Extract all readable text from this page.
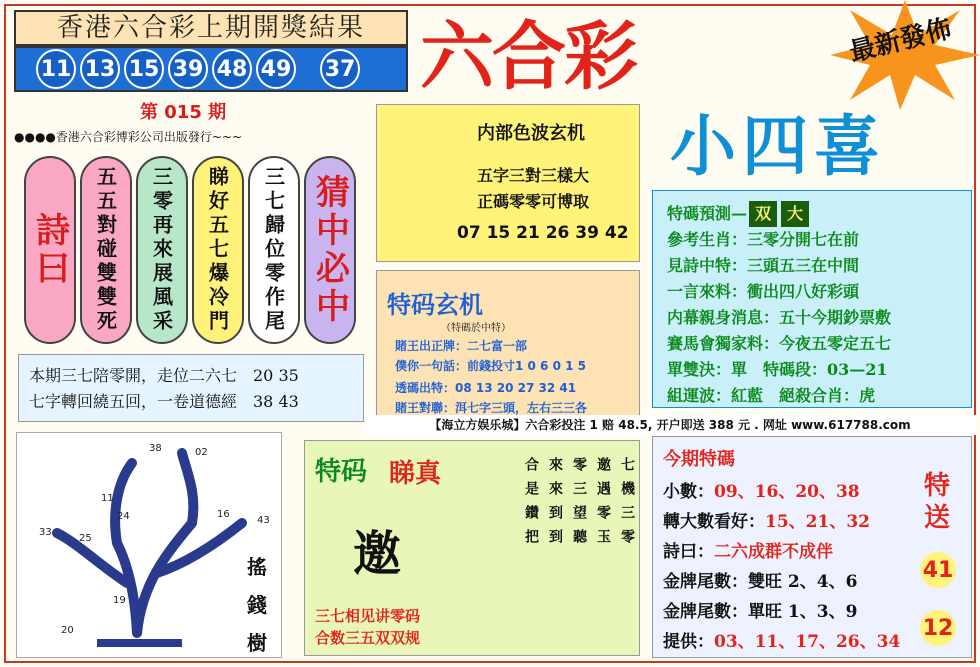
香港六合彩上期開獎結果
11 13 15 39 48 49 37 六合彩	最新發佈
第 015 期
●●●●香港六合彩博彩公司出版發行~~~
詩曰	五五對碰雙雙死	三零再來展風采	睇好五七爆冷門	三七歸位零作尾 猜中必中
内部色波玄机
五字三對三樣大
正碼零零可博取
07 15 21 26 39 42
特码玄机
（特碼於中特）
賭王出正牌：二七富一部
僕你一句話：前錢投寸1 0 6 0 1 5
透碼出特：08 13 20 27 32 41
賭王對聯：洱七字三頭，左右三三各
本期三七陪零開，走位二六七　20 35
七字轉回繞五回，一卷道德經　38 43
小四喜
特碼預測— 双 大
參考生肖：三零分開七在前
見詩中特：三頭五三在中間
一言來料：衝出四八好彩頭
内幕親身消息：五十今期鈔票敷
賽馬會獨家料：今夜五零定五七
單雙決：單　特碼段：03—21
組運波：紅藍　絕殺合肖：虎
【海立方娱乐城】六合彩投注 1 赔 48.5, 开户即送 388 元 . 网址 www.617788.com
38	02
11
24	16
43
33
25
19
20
搖錢樹
特码 睇真
邀
七機三零
邀遇零玉
零三望聽
來來到到
合是鑽把
三七相见讲零码
合数三五双双规
今期特碼
小數：09、16、20、38
轉大數看好：15、21、32
詩曰：二六成群不成伴
金牌尾數：雙旺 2、4、6
金牌尾數：單旺 1、3、9
提供：03、11、17、26、34
特送
41
12
